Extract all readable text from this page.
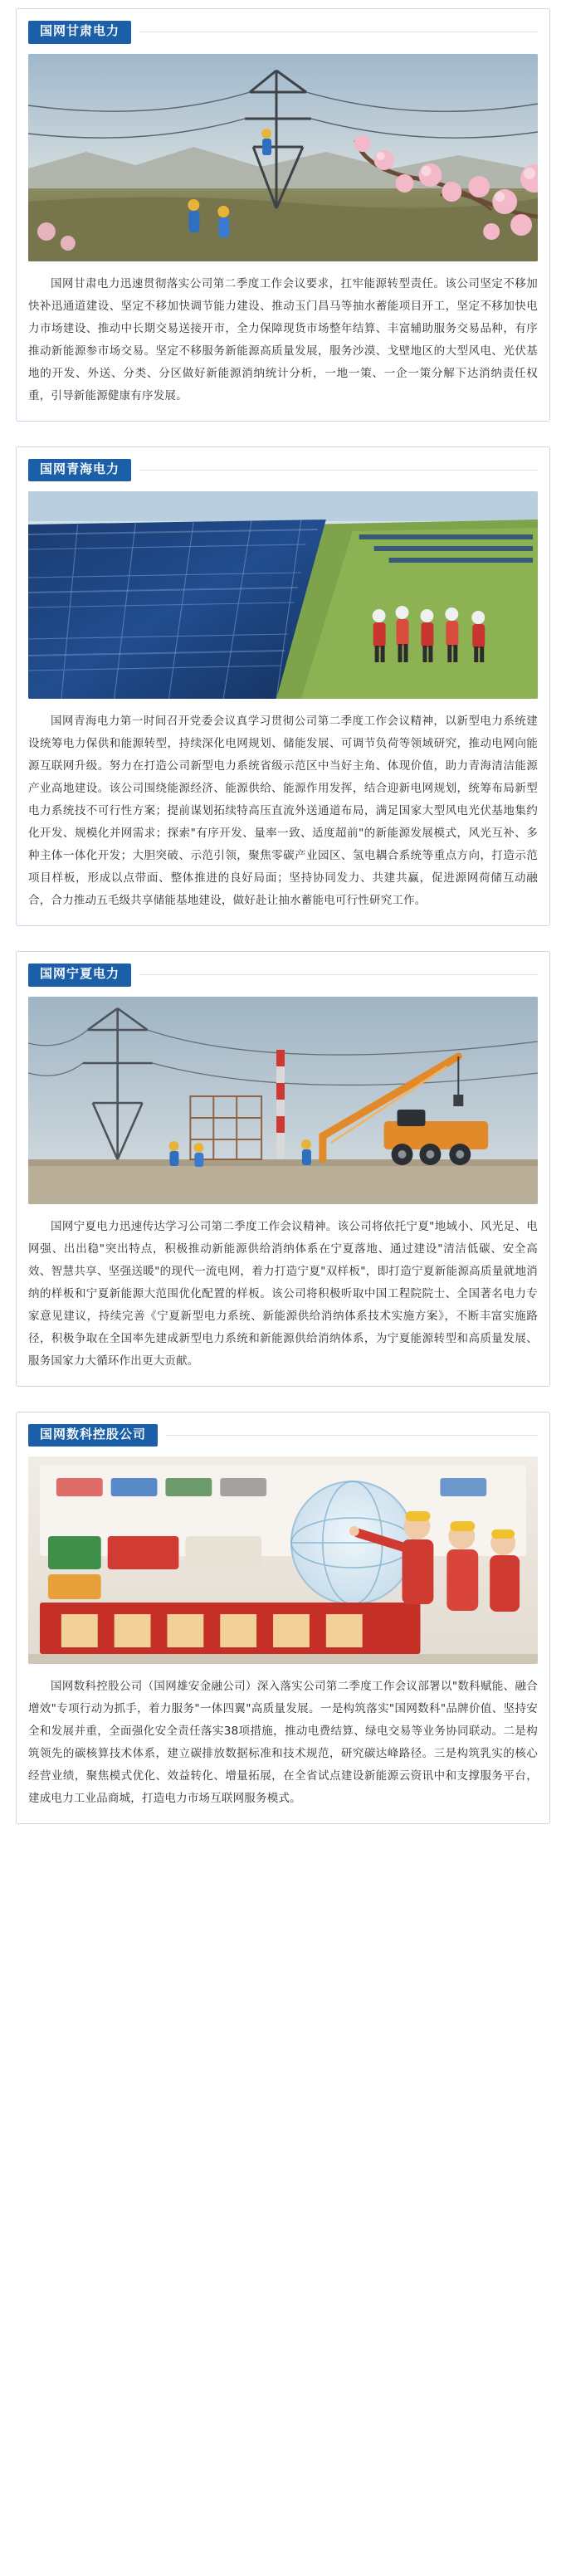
国网甘肃电力

国网甘肃电力迅速贯彻落实公司第二季度工作会议要求，扛牢能源转型责任。该公司坚定不移加快补迅通道建设、坚定不移加快调节能力建设、推动玉门昌马等抽水蓄能项目开工，坚定不移加快电力市场建设、推动中长期交易送接开市，全力保障现货市场整年结算、丰富辅助服务交易品种，有序推动新能源参市场交易。坚定不移服务新能源高质量发展，服务沙漠、戈壁地区的大型风电、光伏基地的开发、外送、分类、分区做好新能源消纳统计分析，一地一策、一企一策分解下达消纳责任权重，引导新能源健康有序发展。

国网青海电力

国网青海电力第一时间召开党委会议真学习贯彻公司第二季度工作会议精神，以新型电力系统建设统筹电力保供和能源转型，持续深化电网规划、储能发展、可调节负荷等领域研究，推动电网向能源互联网升级。努力在打造公司新型电力系统省级示范区中当好主角、体现价值，助力青海清洁能源产业高地建设。该公司围绕能源经济、能源供给、能源作用发挥，结合迎新电网规划，统筹布局新型电力系统技不可行性方案；提前谋划拓续特高压直流外送通道布局，满足国家大型风电光伏基地集约化开发、规模化并网需求；探索"有序开发、量率一致、适度超前"的新能源发展模式，风光互补、多种主体一体化开发；大胆突破、示范引领，聚焦零碳产业园区、氢电耦合系统等重点方向，打造示范项目样板，形成以点带面、整体推进的良好局面；坚持协同发力、共建共赢，促进源网荷储互动融合，合力推动五毛级共享储能基地建设，做好赴让抽水蓄能电可行性研究工作。

国网宁夏电力

国网宁夏电力迅速传达学习公司第二季度工作会议精神。该公司将依托宁夏"地域小、风光足、电网强、出出稳"突出特点，积极推动新能源供给消纳体系在宁夏落地、通过建设"清洁低碳、安全高效、智慧共享、坚强送暖"的现代一流电网，着力打造宁夏"双样板"，即打造宁夏新能源高质量就地消纳的样板和宁夏新能源大范围优化配置的样板。该公司将积极听取中国工程院院士、全国著名电力专家意见建议，持续完善《宁夏新型电力系统、新能源供给消纳体系技术实施方案》，不断丰富实施路径，积极争取在全国率先建成新型电力系统和新能源供给消纳体系，为宁夏能源转型和高质量发展、服务国家力大循环作出更大贡献。

国网数科控股公司

国网数科控股公司（国网雄安金融公司）深入落实公司第二季度工作会议部署以"数科赋能、融合增效"专项行动为抓手，着力服务"一体四翼"高质量发展。一是构筑落实"国网数科"品牌价值、坚持安全和发展并重，全面强化安全责任落实38项措施，推动电费结算、绿电交易等业务协同联动。二是构筑领先的碳核算技术体系，建立碳排放数据标准和技术规范，研究碳达峰路径。三是构筑乳实的核心经营业绩，聚焦模式优化、效益转化、增量拓展，在全省试点建设新能源云资讯中和支撑服务平台，建成电力工业品商城，打造电力市场互联网服务模式。
